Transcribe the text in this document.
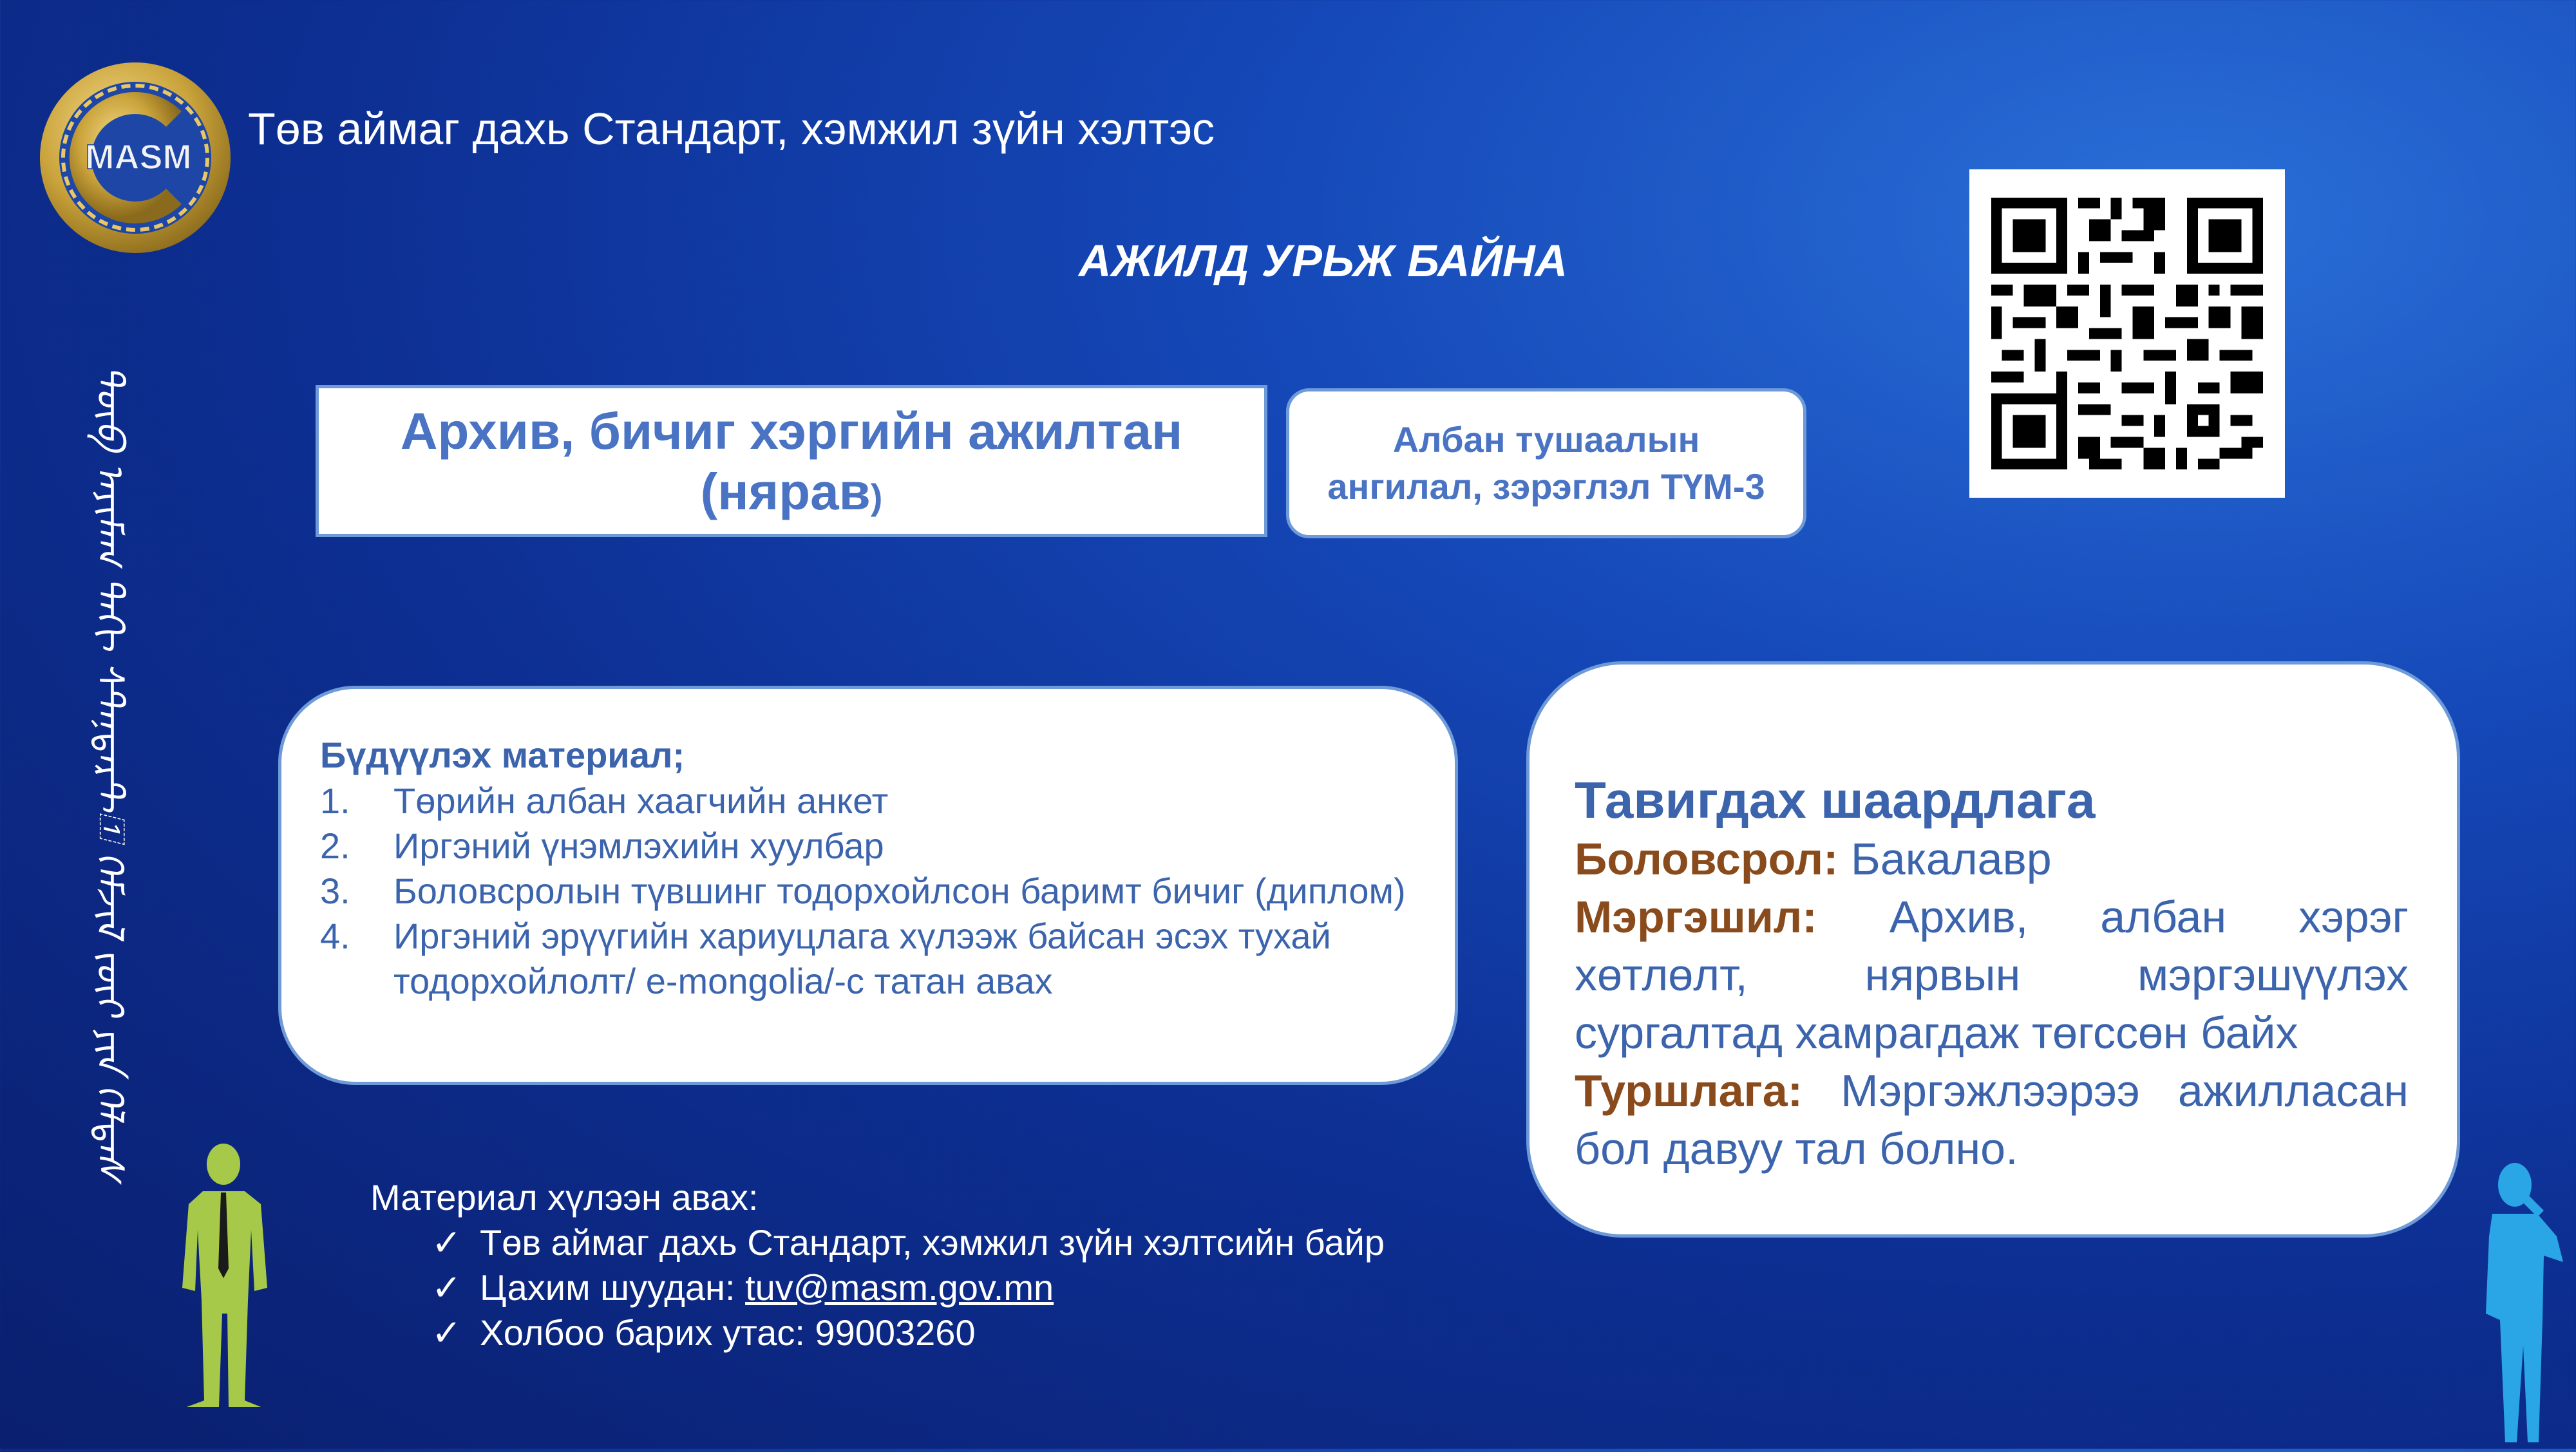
MASM
Төв аймаг дахь Стандарт, хэмжил зүйн хэлтэс
ᠲᠥᠪ ᠠᠶᠢᠮᠠᠭ ᠳᠠᠬᠢ ᠰᠲ᠋ᠠᠨ᠋ᠳᠠᠷᠲ᠋ ᠬᠡᠮᠵᠢᠯ ᠵᠦᠢ ᠶᠢᠨ ᠬᠡᠯᠲᠡᠰ
АЖИЛД УРЬЖ БАЙНА
Архив, бичиг хэргийн ажилтан
(нярав)
Албан тушаалын
ангилал, зэрэглэл ТҮМ-3
Бүдүүлэх материал;
1.	Төрийн албан хаагчийн анкет
2.	Иргэний үнэмлэхийн хуулбар
3.	Боловсролын түвшинг тодорхойлсон баримт бичиг (диплом)
4.	Иргэний эрүүгийн хариуцлага хүлээж байсан эсэх тухай тодорхойлолт/ e-mongolia/-с татан авах
Тавигдах шаардлага

Боловсрол: Бакалавр

Мэргэшил: Архив, албан хэрэг хөтлөлт, нярвын мэргэшүүлэх сургалтад хамрагдаж төгссөн байх

Туршлага: Мэргэжлээрээ ажилласан бол давуу тал болно.

Материал хүлээн авах:
✓ Төв аймаг дахь Стандарт, хэмжил зүйн хэлтсийн байр
✓ Цахим шуудан: tuv@masm.gov.mn
✓ Холбоо барих утас: 99003260
